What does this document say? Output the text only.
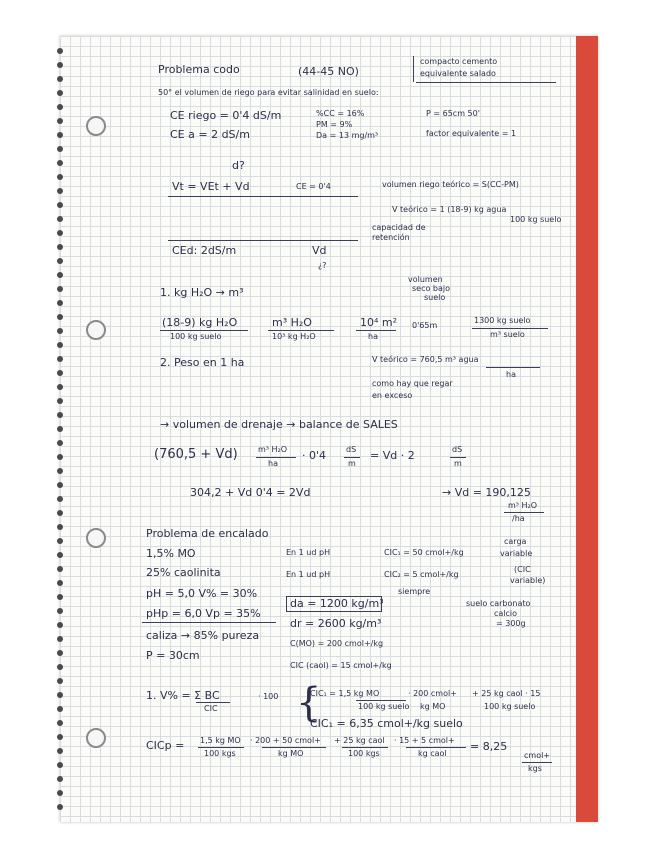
Problema codo	(44-45 NO)
compacto cemento
equivalente salado
50° el volumen de riego para evitar salinidad en suelo:
CE riego = 0'4 dS/m
CE a = 2 dS/m
%CC = 16%
PM = 9%
Da = 13 mg/m³
P = 65cm 50'
factor equivalente = 1
d?
Vt = VEt + Vd	CE = 0'4	volumen riego teórico = S(CC-PM)
V teórico = 1 (18-9) kg agua
100 kg suelo
capacidad de
retención
CEd: 2dS/m	Vd
¿?
1. kg H₂O → m³
volumen
seco bajo
suelo
(18-9) kg H₂O
100 kg suelo
m³ H₂O
10³ kg H₂O
10⁴ m²
ha
0'65m
1300 kg suelo
m³ suelo
2. Peso en 1 ha	V teórico = 760,5 m³ agua
ha
como hay que regar
en exceso
→ volumen de drenaje → balance de SALES
(760,5 + Vd)	m³ H₂O
ha
· 0'4 dS
m
= Vd · 2	dS
m
304,2 + Vd 0'4 = 2Vd	→ Vd = 190,125
m³ H₂O
/ha
Problema de encalado
1,5% MO
25% caolinita
pH = 5,0 V% = 30%
pHp = 6,0 Vp = 35%
caliza → 85% pureza
P = 30cm
En 1 ud pH	CIC₁ = 50 cmol+/kg
En 1 ud pH	CIC₂ = 5 cmol+/kg
carga
variable
(CIC
variable)
siempre
da = 1200 kg/m³
dr = 2600 kg/m³
C(MO) = 200 cmol+/kg
CIC (caol) = 15 cmol+/kg
suelo carbonato
calcio
= 300g
1. V% = Σ BC
CIC
· 100 {
CIC₁ = 1,5 kg MO
100 kg suelo
· 200 cmol+
kg MO
+ 25 kg caol · 15
100 kg suelo
CIC₁ = 6,35 cmol+/kg suelo
CICp = 1,5 kg MO
100 kgs
· 200 + 50 cmol+
kg MO
+ 25 kg caol
100 kgs
· 15 + 5 cmol+
kg caol
= 8,25
cmol+
kgs
